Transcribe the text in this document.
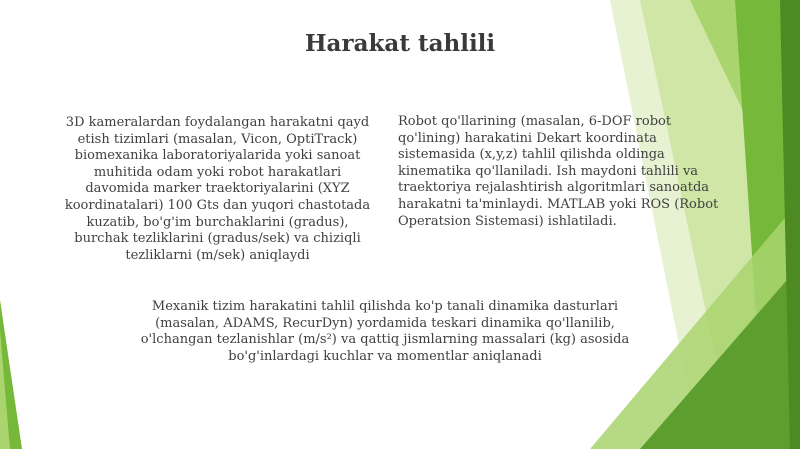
Harakat tahlili

3D kameralardan foydalangan harakatni qayd etish tizimlari (masalan, Vicon, OptiTrack) biomexanika laboratoriyalarida yoki sanoat muhitida odam yoki robot harakatlari davomida marker traektoriyalarini (XYZ koordinatalari) 100 Gts dan yuqori chastotada kuzatib, bo'g'im burchaklarini (gradus), burchak tezliklarini (gradus/sek) va chiziqli tezliklarni (m/sek) aniqlaydi

Robot qo'llarining (masalan, 6-DOF robot qo'lining) harakatini Dekart koordinata sistemasida (x,y,z) tahlil qilishda oldinga kinematika qo'llaniladi. Ish maydoni tahlili va traektoriya rejalashtirish algoritmlari sanoatda harakatni ta'minlaydi. MATLAB yoki ROS (Robot Operatsion Sistemasi) ishlatiladi.

Mexanik tizim harakatini tahlil qilishda ko'p tanali dinamika dasturlari (masalan, ADAMS, RecurDyn) yordamida teskari dinamika qo'llanilib, o'lchangan tezlanishlar (m/s²) va qattiq jismlarning massalari (kg) asosida bo'g'inlardagi kuchlar va momentlar aniqlanadi
